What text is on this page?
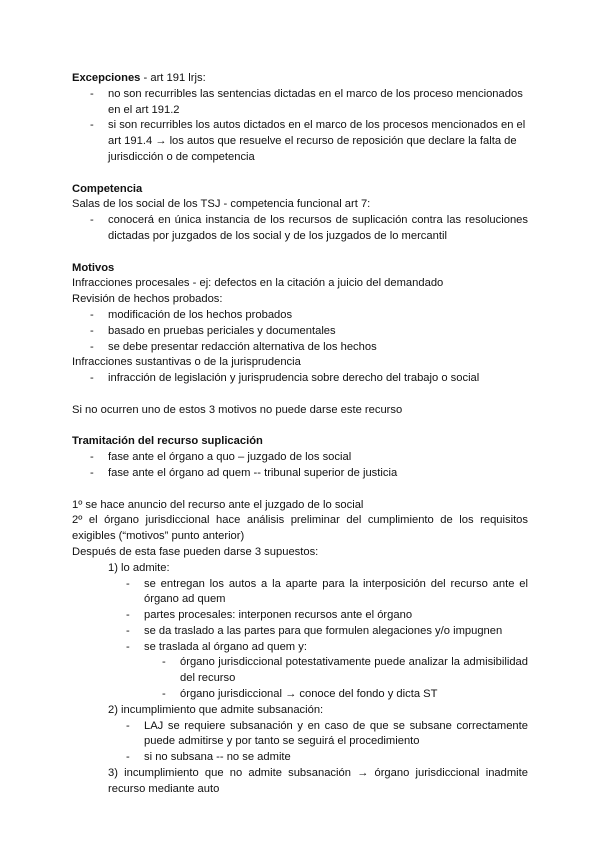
Excepciones - art 191 lrjs:

- no son recurribles las sentencias dictadas en el marco de los proceso mencionados en el art 191.2
- si son recurribles los autos dictados en el marco de los procesos mencionados en el art 191.4 → los autos que resuelve el recurso de reposición que declare la falta de jurisdicción o de competencia

Competencia

Salas de los social de los TSJ - competencia funcional art 7:

- conocerá en única instancia de los recursos de suplicación contra las resoluciones dictadas por juzgados de los social y de los juzgados de lo mercantil

Motivos

Infracciones procesales - ej: defectos en la citación a juicio del demandado

Revisión de hechos probados:

- modificación de los hechos probados
- basado en pruebas periciales y documentales
- se debe presentar redacción alternativa de los hechos

Infracciones sustantivas o de la jurisprudencia

- infracción de legislación y jurisprudencia sobre derecho del trabajo o social

Si no ocurren uno de estos 3 motivos no puede darse este recurso

Tramitación del recurso suplicación

- fase ante el órgano a quo – juzgado de los social
- fase ante el órgano ad quem -- tribunal superior de justicia

1º se hace anuncio del recurso ante el juzgado de lo social

2º el órgano jurisdiccional hace análisis preliminar del cumplimiento de los requisitos exigibles (“motivos” punto anterior)

Después de esta fase pueden darse 3 supuestos:

1) lo admite:

- se entregan los autos a la aparte para la interposición del recurso ante el órgano ad quem
- partes procesales: interponen recursos ante el órgano
- se da traslado a las partes para que formulen alegaciones y/o impugnen
- se traslada al órgano ad quem y:
- órgano jurisdiccional potestativamente puede analizar la admisibilidad del recurso
- órgano jurisdiccional → conoce del fondo y dicta ST

2) incumplimiento que admite subsanación:

- LAJ se requiere subsanación y en caso de que se subsane correctamente puede admitirse y por tanto se seguirá el procedimiento
- si no subsana -- no se admite

3) incumplimiento que no admite subsanación → órgano jurisdiccional inadmite recurso mediante auto
